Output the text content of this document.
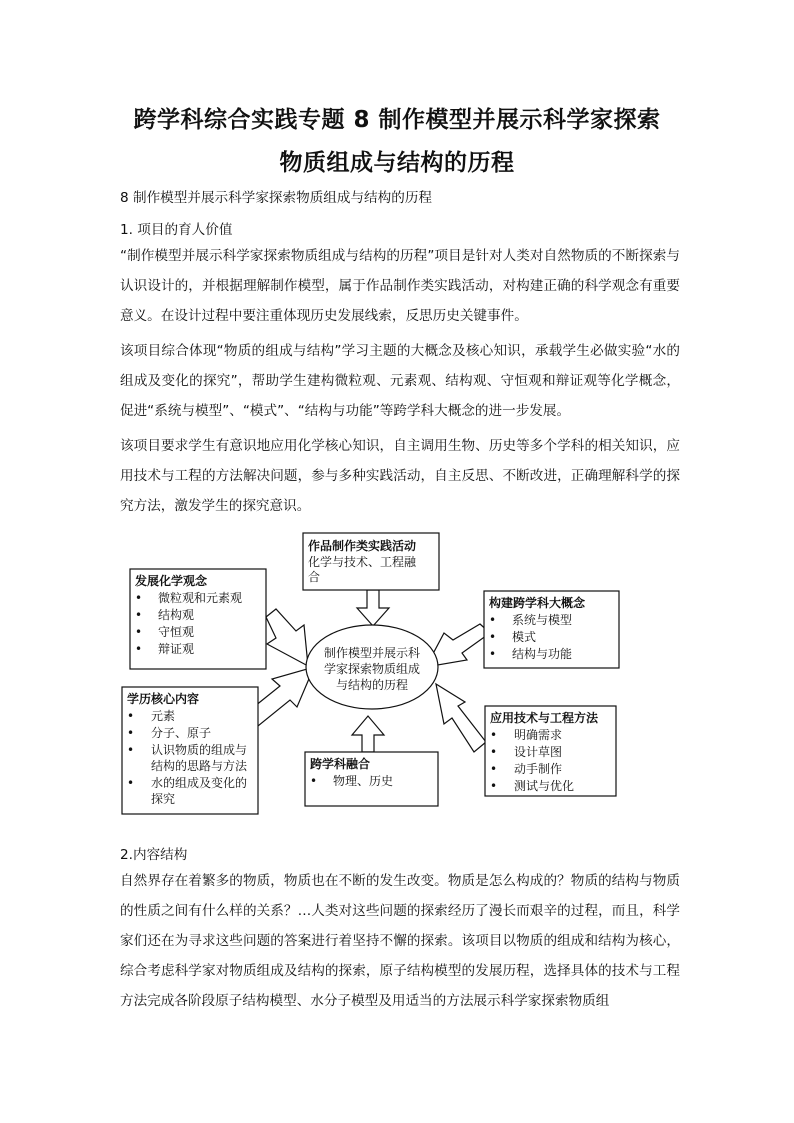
跨学科综合实践专题 8 制作模型并展示科学家探索
物质组成与结构的历程
8 制作模型并展示科学家探索物质组成与结构的历程
1. 项目的育人价值
“制作模型并展示科学家探索物质组成与结构的历程”项目是针对人类对自然物质的不断探索与认识设计的，并根据理解制作模型，属于作品制作类实践活动，对构建正确的科学观念有重要意义。在设计过程中要注重体现历史发展线索，反思历史关键事件。
该项目综合体现“物质的组成与结构”学习主题的大概念及核心知识，承载学生必做实验“水的组成及变化的探究”，帮助学生建构微粒观、元素观、结构观、守恒观和辩证观等化学概念，促进“系统与模型”、“模式”、“结构与功能”等跨学科大概念的进一步发展。
该项目要求学生有意识地应用化学核心知识，自主调用生物、历史等多个学科的相关知识，应用技术与工程的方法解决问题，参与多种实践活动，自主反思、不断改进，正确理解科学的探究方法，激发学生的探究意识。
制作模型并展示科
学家探索物质组成
与结构的历程
作品制作类实践活动
化学与技术、工程融
合
发展化学观念
• 微粒观和元素观
• 结构观
• 守恒观
• 辩证观
构建跨学科大概念
• 系统与模型
• 模式
• 结构与功能
学历核心内容
• 元素
• 分子、原子
• 认识物质的组成与
结构的思路与方法
• 水的组成及变化的
探究
应用技术与工程方法
• 明确需求
• 设计草图
• 动手制作
• 测试与优化
跨学科融合
• 物理、历史
2.内容结构
自然界存在着繁多的物质，物质也在不断的发生改变。物质是怎么构成的？物质的结构与物质的性质之间有什么样的关系？…人类对这些问题的探索经历了漫长而艰辛的过程，而且，科学家们还在为寻求这些问题的答案进行着坚持不懈的探索。该项目以物质的组成和结构为核心，综合考虑科学家对物质组成及结构的探索，原子结构模型的发展历程，选择具体的技术与工程方法完成各阶段原子结构模型、水分子模型及用适当的方法展示科学家探索物质组
